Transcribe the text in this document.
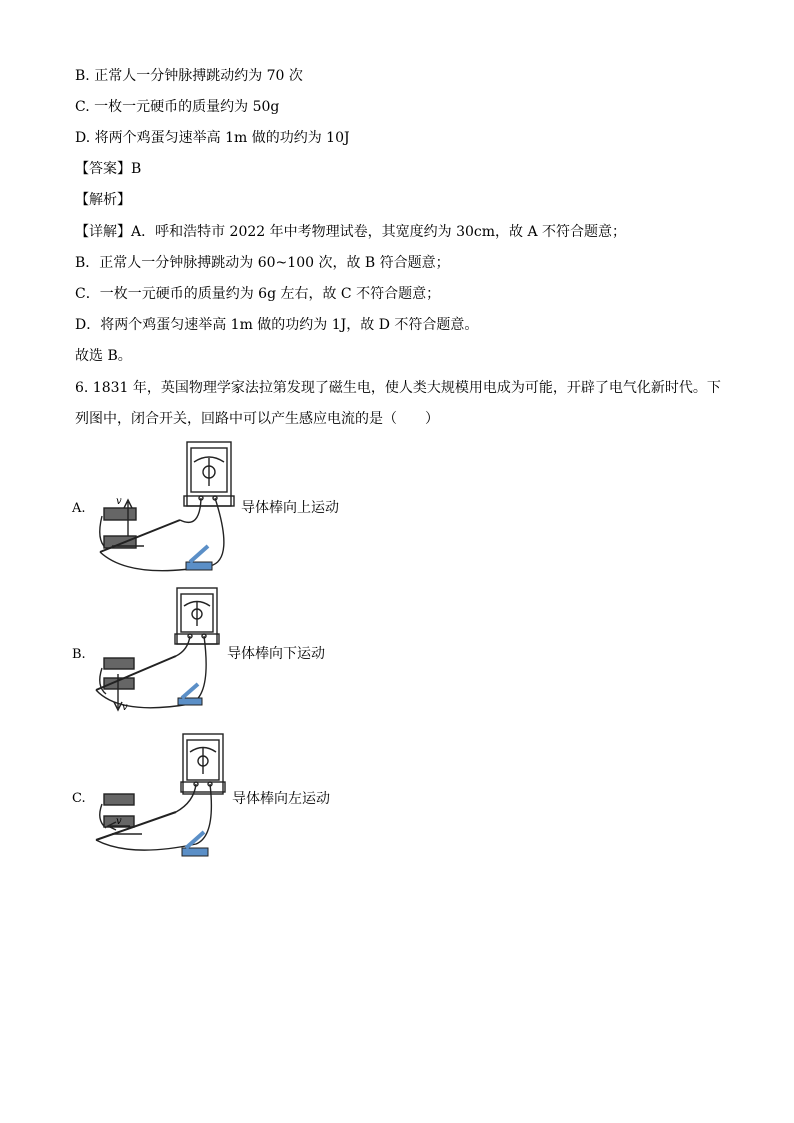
B. 正常人一分钟脉搏跳动约为 70 次
C. 一枚一元硬币的质量约为 50g
D. 将两个鸡蛋匀速举高 1m 做的功约为 10J
【答案】B
【解析】
【详解】A．呼和浩特市 2022 年中考物理试卷，其宽度约为 30cm，故 A 不符合题意；
B．正常人一分钟脉搏跳动为 60~100 次，故 B 符合题意；
C．一枚一元硬币的质量约为 6g 左右，故 C 不符合题意；
D．将两个鸡蛋匀速举高 1m 做的功约为 1J，故 D 不符合题意。
故选 B。
6. 1831 年，英国物理学家法拉第发现了磁生电，使人类大规模用电成为可能，开辟了电气化新时代。下列图中，闭合开关，回路中可以产生感应电流的是（　　）
A.	导体棒向上运动
v
B.	导体棒向下运动
v
C.	导体棒向左运动
v
